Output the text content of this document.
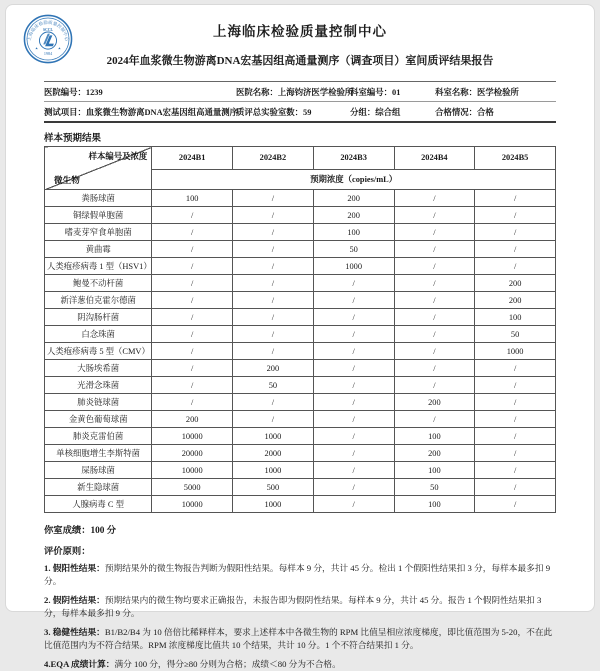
上海临床检验质量控制中心
SCCL
1984
★	★
上海临床检验质量控制中心
2024年血浆微生物游离DNA宏基因组高通量测序（调查项目）室间质评结果报告
医院编号：1239	医院名称：上海钧济医学检验所
科室编号：01	科室名称：医学检验所
测试项目：血浆微生物游离DNA宏基因组高通量测序
质评总实验室数：59	分组：综合组	合格情况：合格
样本预期结果
样本编号及浓度
微生物	2024B1	2024B2	2024B3	2024B4	2024B5
	预期浓度（copies/mL）				
粪肠球菌	100	/	200	/	/
铜绿假单胞菌	/	/	200	/	/
嗜麦芽窄食单胞菌	/	/	100	/	/
黄曲霉	/	/	50	/	/
人类疱疹病毒 1 型（HSV1）	/	/	1000	/	/
鲍曼不动杆菌	/	/	/	/	200
新洋葱伯克霍尔德菌	/	/	/	/	200
阴沟肠杆菌	/	/	/	/	100
白念珠菌	/	/	/	/	50
人类疱疹病毒 5 型（CMV）	/	/	/	/	1000
大肠埃希菌	/	200	/	/	/
光滑念珠菌	/	50	/	/	/
肺炎链球菌	/	/	/	200	/
金黄色葡萄球菌	200	/	/	/	/
肺炎克雷伯菌	10000	1000	/	100	/
单核细胞增生李斯特菌	20000	2000	/	200	/
屎肠球菌	10000	1000	/	100	/
新生隐球菌	5000	500	/	50	/
人腺病毒 C 型	10000	1000	/	100	/

你室成绩：100 分

评价原则：

1. 假阳性结果：预期结果外的微生物报告判断为假阳性结果。每样本 9 分，共计 45 分。检出 1 个假阳性结果扣 3 分，每样本最多扣 9 分。

2. 假阴性结果：预期结果内的微生物均要求正确报告，未报告即为假阴性结果。每样本 9 分，共计 45 分。报告 1 个假阴性结果扣 3 分，每样本最多扣 9 分。

3. 稳健性结果：B1/B2/B4 为 10 倍倍比稀释样本，要求上述样本中各微生物的 RPM 比值呈相应浓度梯度，即比值范围为 5-20，不在此比值范围内为不符合结果。RPM 浓度梯度比值共 10 个结果，共计 10 分。1 个不符合结果扣 1 分。

4.EQA 成绩计算：满分 100 分，得分≥80 分则为合格；成绩＜80 分为不合格。
